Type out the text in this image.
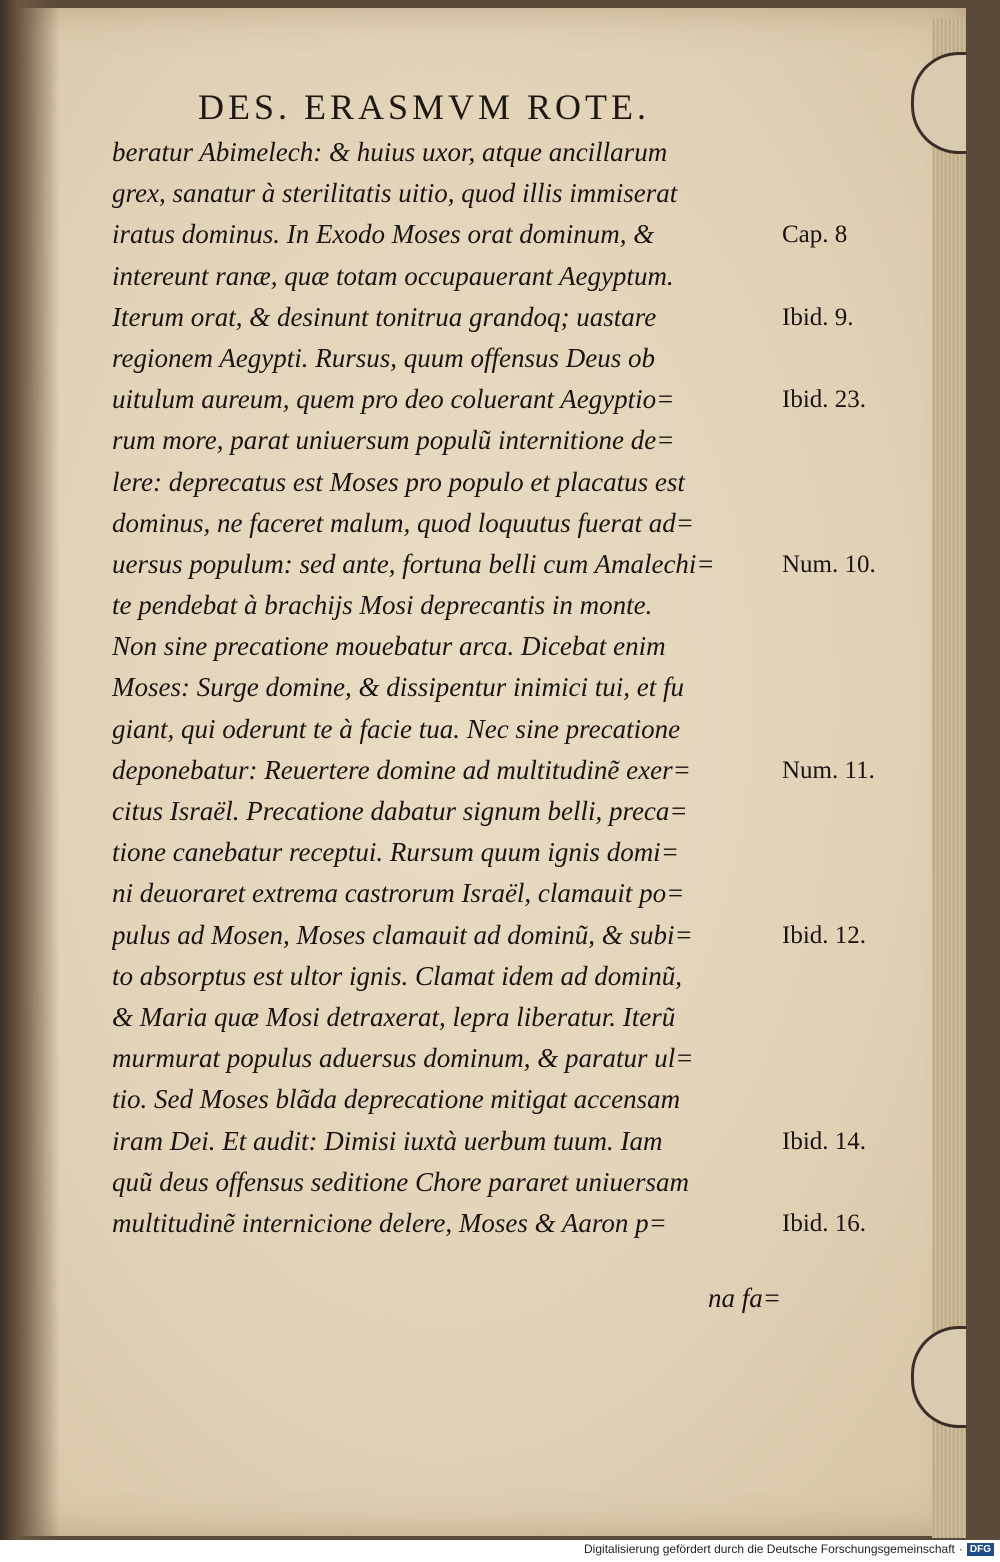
DES. ERASMVM ROTE.
beratur Abimelech: & huius uxor, atque ancillarum
grex, sanatur à sterilitatis uitio, quod illis immiserat
iratus dominus. In Exodo Moses orat dominum, &
intereunt ranæ, quæ totam occupauerant Aegyptum.
Iterum orat, & desinunt tonitrua grandoq; uastare
regionem Aegypti. Rursus, quum offensus Deus ob
uitulum aureum, quem pro deo coluerant Aegyptio=
rum more, parat uniuersum populũ internitione de=
lere: deprecatus est Moses pro populo et placatus est
dominus, ne faceret malum, quod loquutus fuerat ad=
uersus populum: sed ante, fortuna belli cum Amalechi=
te pendebat à brachijs Mosi deprecantis in monte.
Non sine precatione mouebatur arca. Dicebat enim
Moses: Surge domine, & dissipentur inimici tui, et fu
giant, qui oderunt te à facie tua. Nec sine precatione
deponebatur: Reuertere domine ad multitudinẽ exer=
citus Israël. Precatione dabatur signum belli, preca=
tione canebatur receptui. Rursum quum ignis domi=
ni deuoraret extrema castrorum Israël, clamauit po=
pulus ad Mosen, Moses clamauit ad dominũ, & subi=
to absorptus est ultor ignis. Clamat idem ad dominũ,
& Maria quæ Mosi detraxerat, lepra liberatur. Iterũ
murmurat populus aduersus dominum, & paratur ul=
tio. Sed Moses blãda deprecatione mitigat accensam
iram Dei. Et audit: Dimisi iuxtà uerbum tuum. Iam
quũ deus offensus seditione Chore pararet uniuersam
multitudinẽ internicione delere, Moses & Aaron p=
Cap. 8
Ibid. 9.
Ibid. 23.
Num. 10.
Num. 11.
Ibid. 12.
Ibid. 14.
Ibid. 16.
na fa=
Digitalisierung gefördert durch die Deutsche Forschungsgemeinschaft · DFG
